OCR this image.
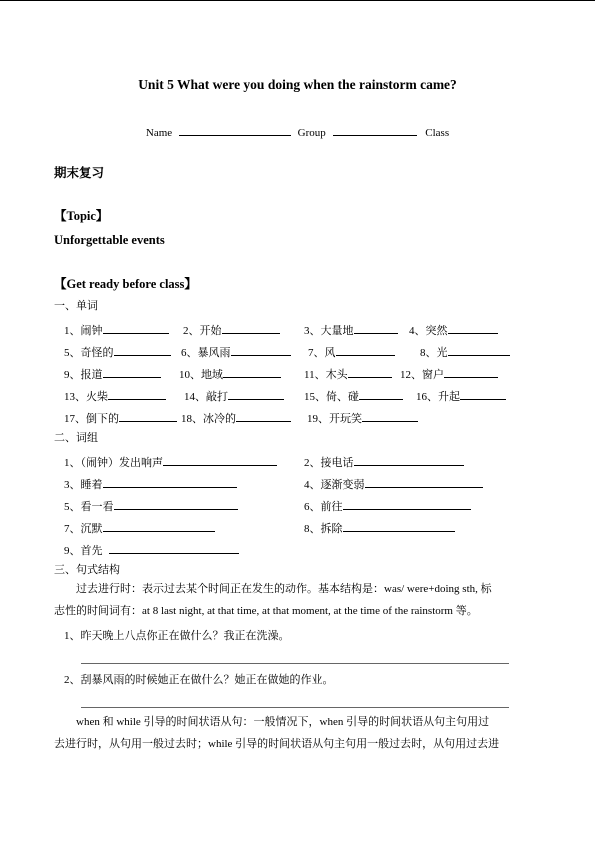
Unit 5 What were you doing when the rainstorm came?
Name	Group	Class
期末复习
【Topic】
Unforgettable events
【Get ready before class】
一、单词
1、闹钟	2、开始	3、大量地	4、突然
5、奇怪的	6、暴风雨	7、风	8、光
9、报道	10、地域	11、木头	12、窗户
13、火柴	14、敲打	15、倚、碰	16、升起
17、倒下的	18、冰冷的	19、开玩笑
二、词组
1、（闹钟）发出响声	2、接电话
3、睡着	4、逐渐变弱
5、看一看	6、前往
7、沉默	8、拆除
9、首先
三、句式结构
过去进行时：表示过去某个时间正在发生的动作。基本结构是：was/ were+doing sth, 标
志性的时间词有：at 8 last night, at that time, at that moment, at the time of the rainstorm 等。
1、昨天晚上八点你正在做什么？我正在洗澡。
2、刮暴风雨的时候她正在做什么？她正在做她的作业。
when 和 while 引导的时间状语从句：一般情况下，when 引导的时间状语从句主句用过
去进行时，从句用一般过去时；while 引导的时间状语从句主句用一般过去时，从句用过去进
